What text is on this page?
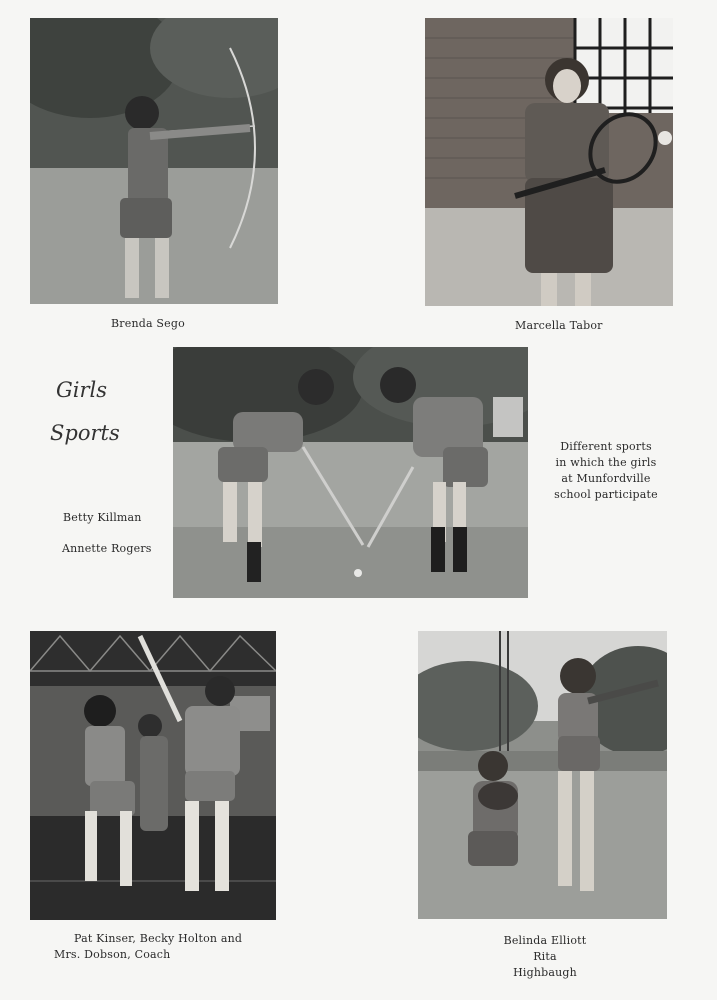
Brenda Sego	Marcella Tabor
Girls
Sports
Betty Killman
Annette Rogers
Different sports
in which the girls
at Munfordville
school participate
Pat Kinser, Becky Holton and
Mrs. Dobson, Coach
Belinda Elliott
Rita Highbaugh
